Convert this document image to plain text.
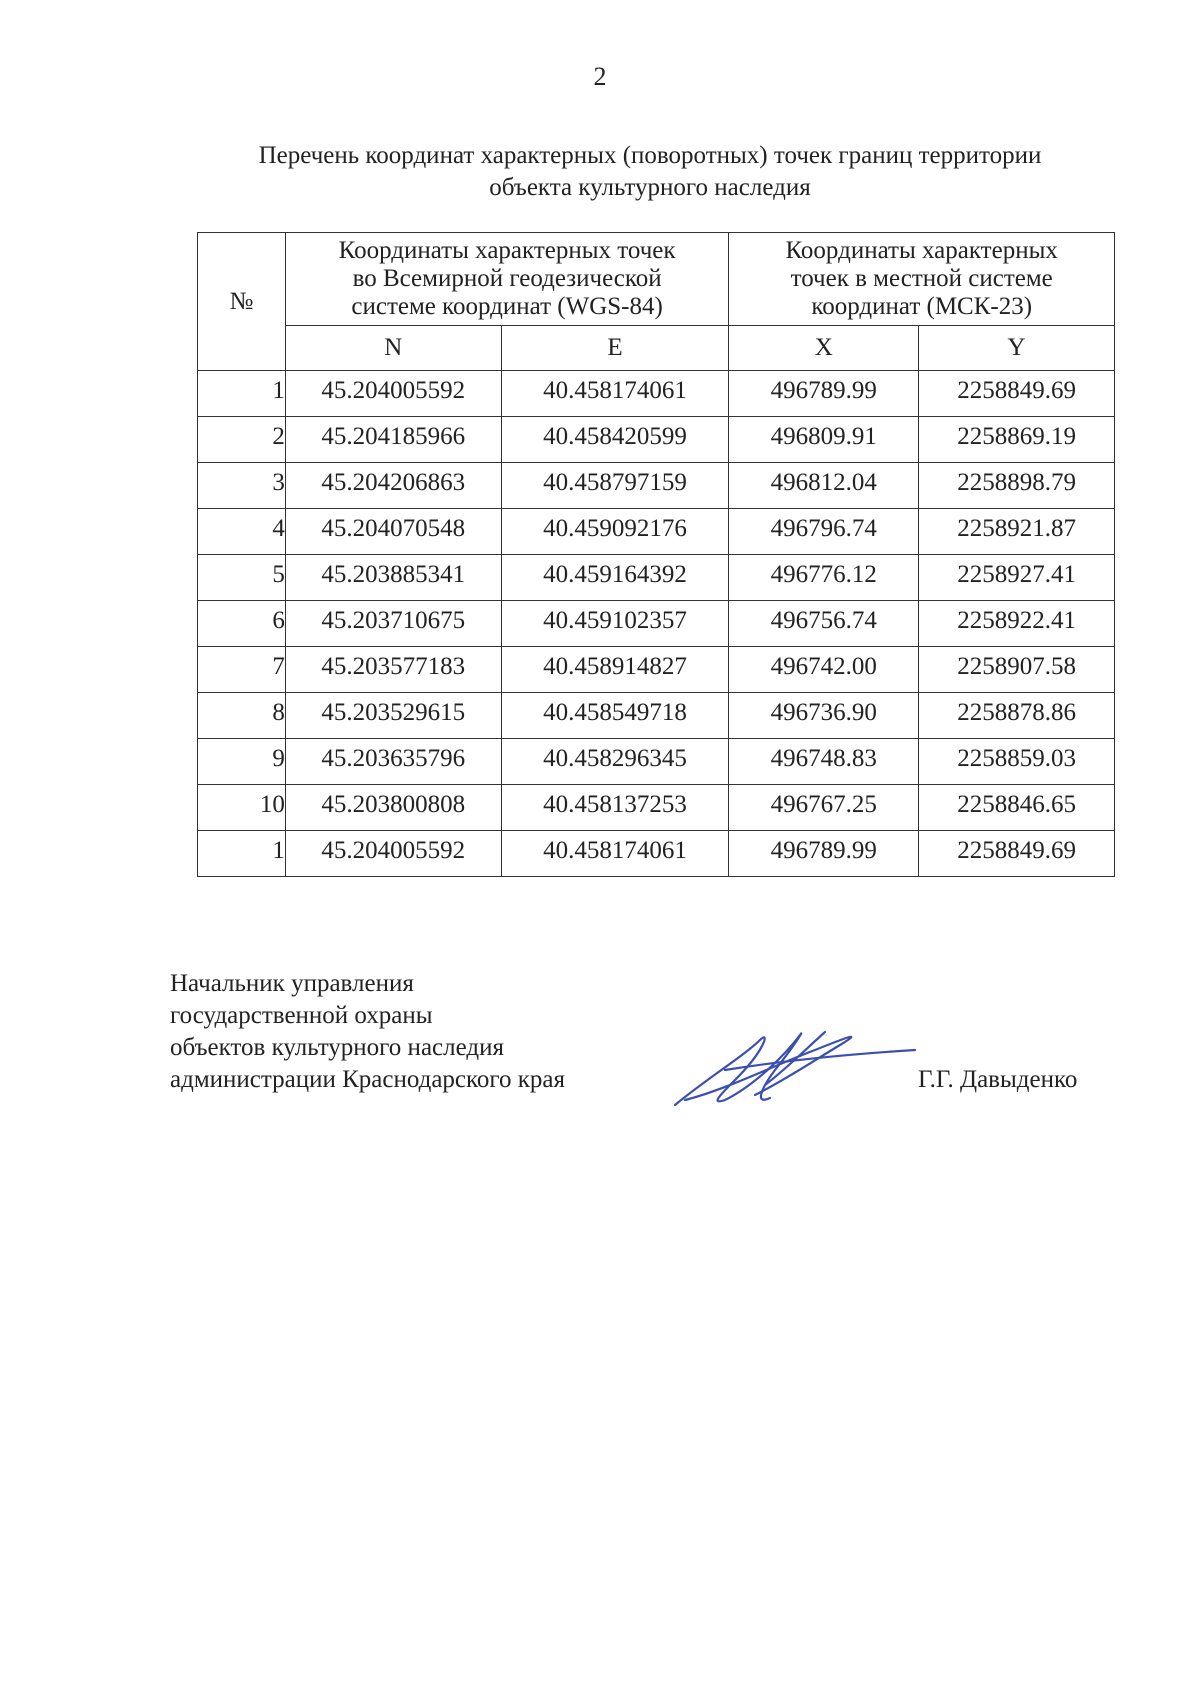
2
Перечень координат характерных (поворотных) точек границ территории
объекта культурного наследия
№	Координаты характерных точек
во Всемирной геодезической
системе координат (WGS-84)		Координаты характерных
точек в местной системе
координат (МСК-23)	

	N	E	X	Y
1	45.204005592	40.458174061	496789.99	2258849.69
2	45.204185966	40.458420599	496809.91	2258869.19
3	45.204206863	40.458797159	496812.04	2258898.79
4	45.204070548	40.459092176	496796.74	2258921.87
5	45.203885341	40.459164392	496776.12	2258927.41
6	45.203710675	40.459102357	496756.74	2258922.41
7	45.203577183	40.458914827	496742.00	2258907.58
8	45.203529615	40.458549718	496736.90	2258878.86
9	45.203635796	40.458296345	496748.83	2258859.03
10	45.203800808	40.458137253	496767.25	2258846.65
1	45.204005592	40.458174061	496789.99	2258849.69
Начальник управления
государственной охраны
объектов культурного наследия
администрации Краснодарского края	Г.Г. Давыденко
